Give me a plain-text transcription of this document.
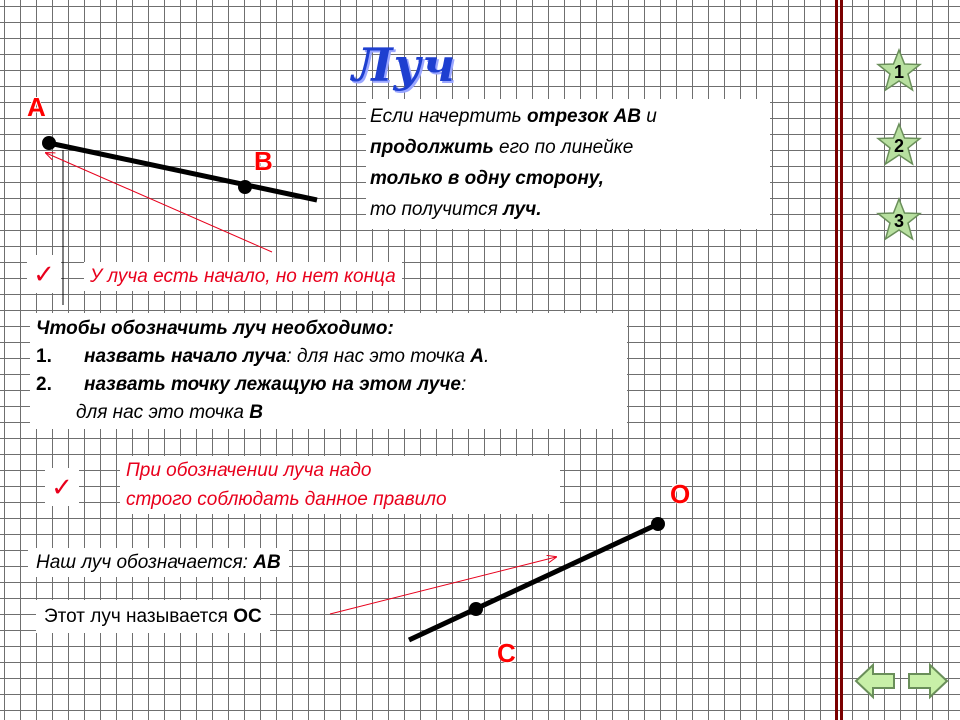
Луч
А
В
О
С
Если начертить отрезок АВ и
продолжить его по линейке
только в одну сторону,
то получится луч.
✓
✓
У луча есть начало, но нет конца
Чтобы обозначить луч необходимо:
1. назвать начало луча: для нас это точка А.
2. назвать точку лежащую на этом луче:
для нас это точка В
При обозначении луча надо
строго соблюдать данное правило
Наш луч обозначается: АВ
Этот луч называется ОС
1
2
3
